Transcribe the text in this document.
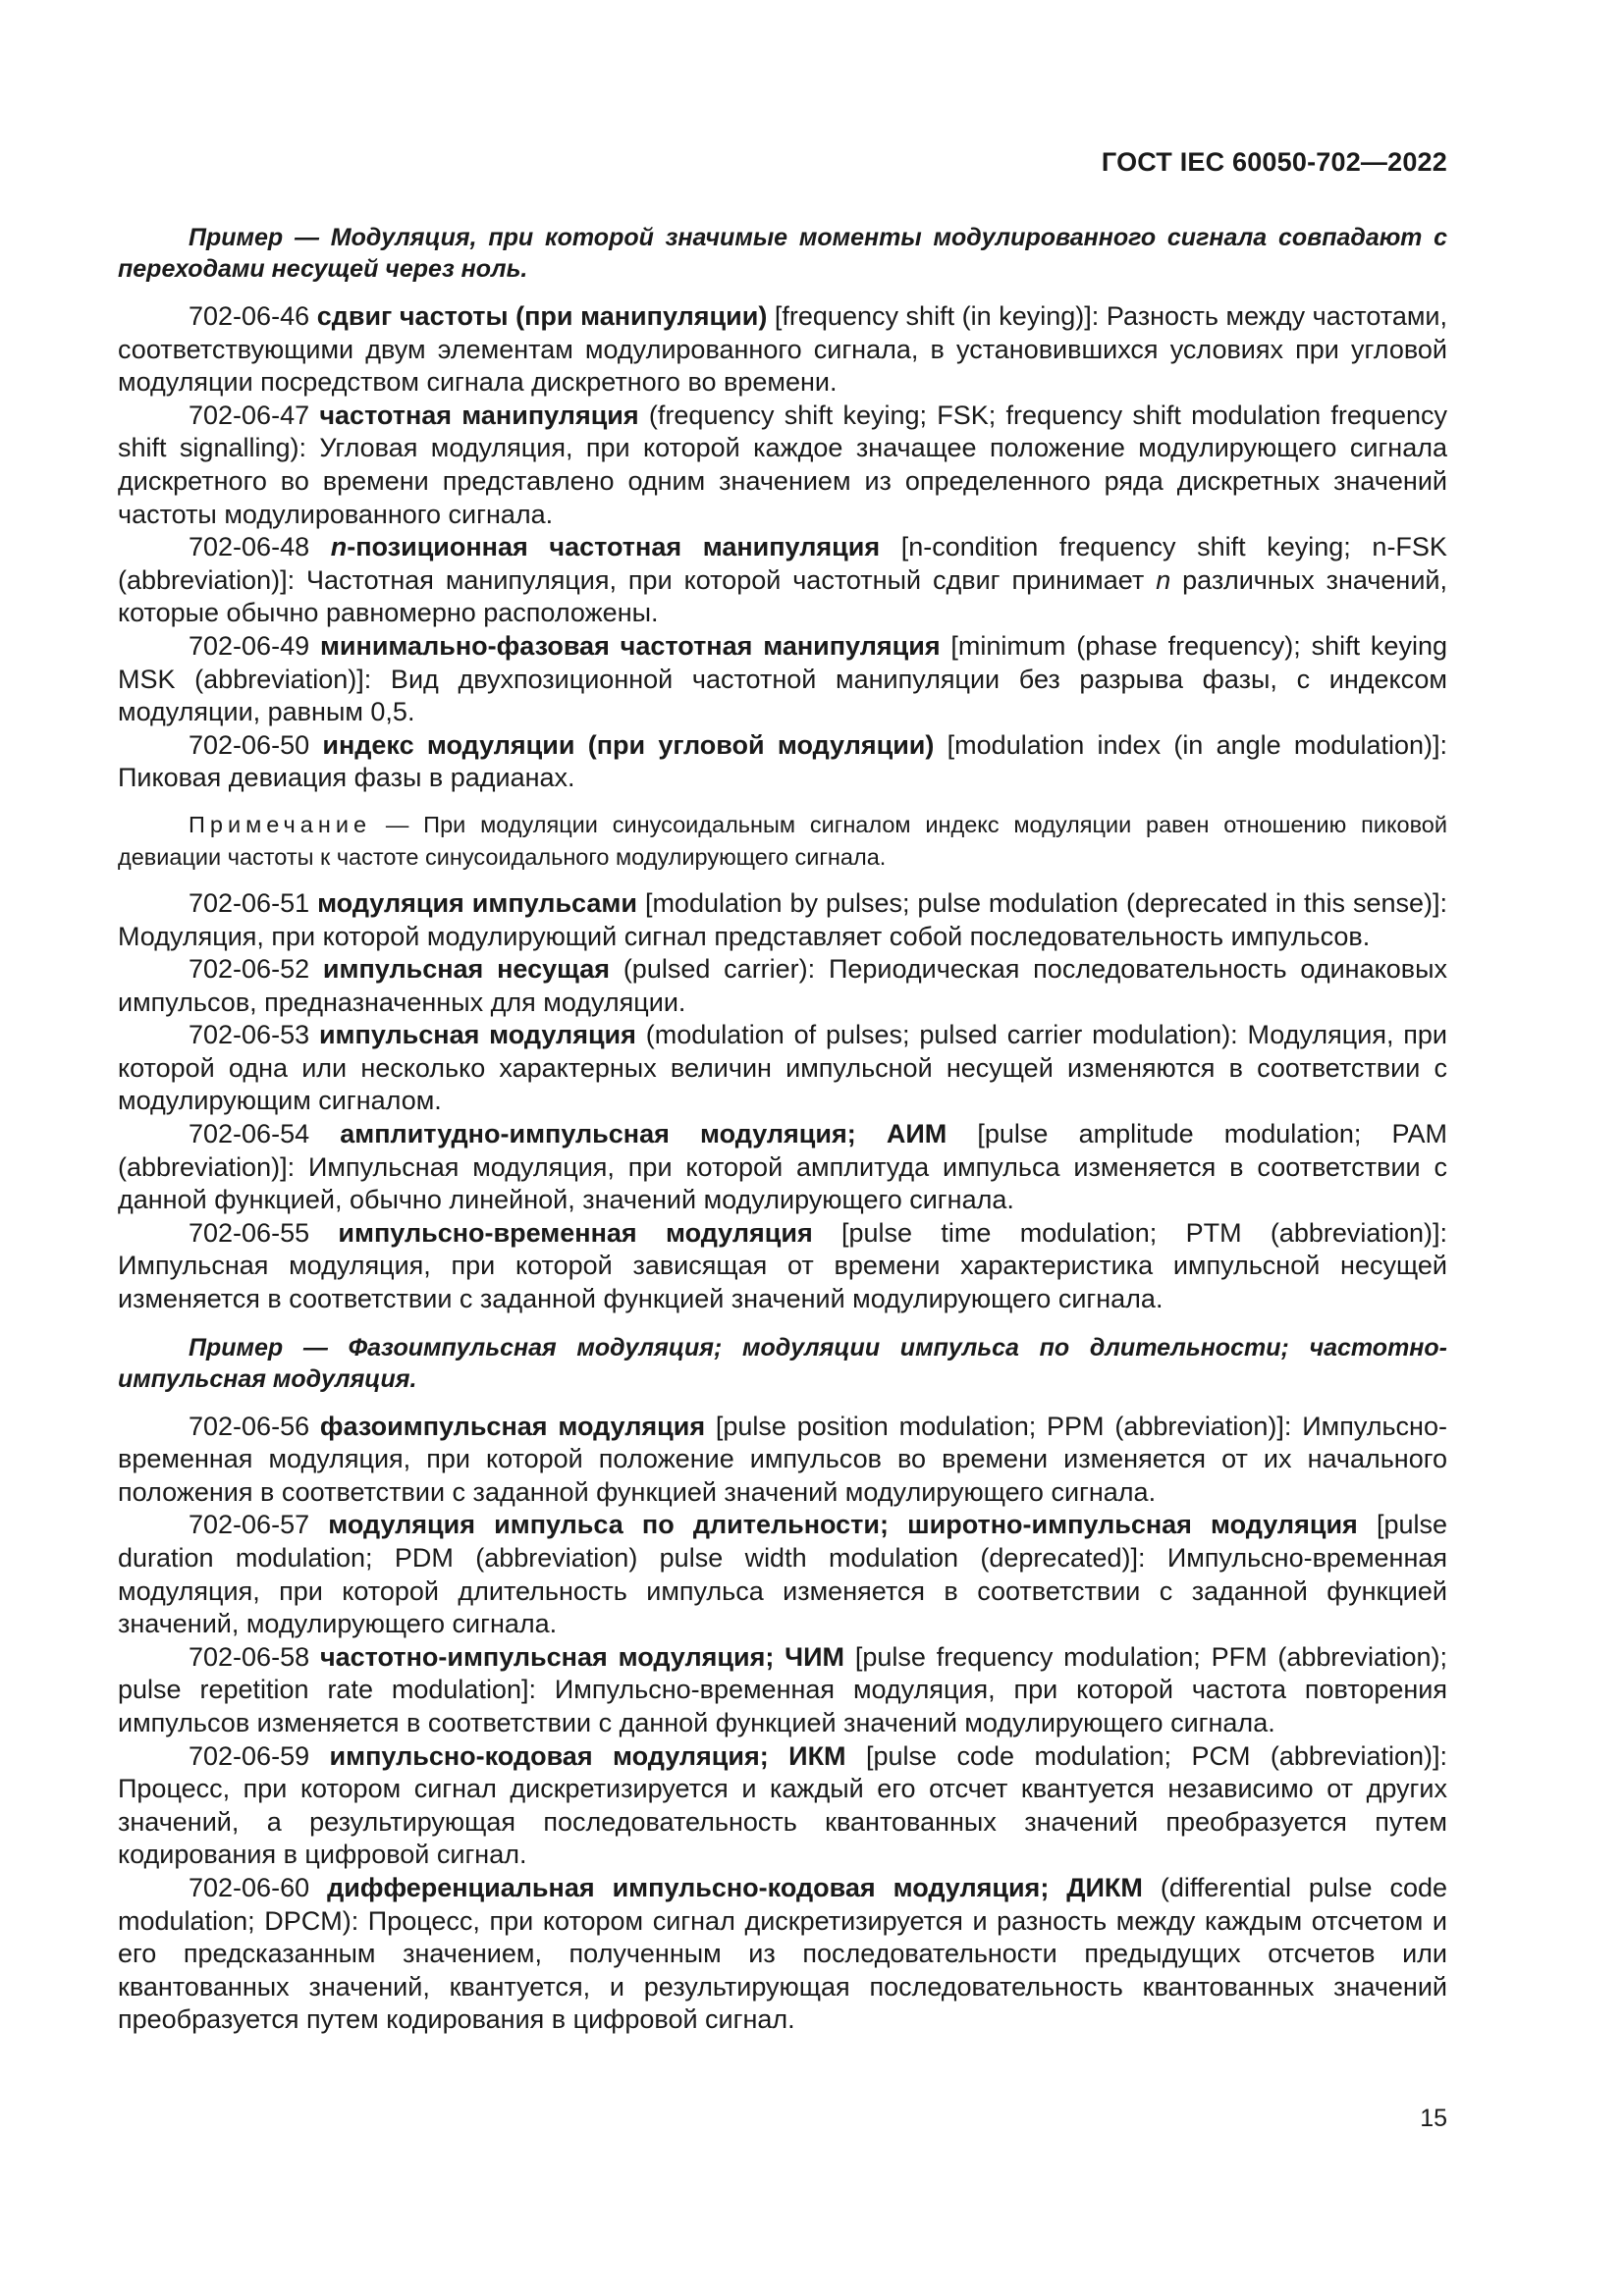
ГОСТ IEC 60050-702—2022

Пример — Модуляция, при которой значимые моменты модулированного сигнала совпадают с переходами несущей через ноль.

702-06-46 сдвиг частоты (при манипуляции) [frequency shift (in keying)]: Разность между частотами, соответствующими двум элементам модулированного сигнала, в установившихся условиях при угловой модуляции посредством сигнала дискретного во времени.

702-06-47 частотная манипуляция (frequency shift keying; FSK; frequency shift modulation frequency shift signalling): Угловая модуляция, при которой каждое значащее положение модулирующего сигнала дискретного во времени представлено одним значением из определенного ряда дискретных значений частоты модулированного сигнала.

702-06-48 n-позиционная частотная манипуляция [n-condition frequency shift keying; n-FSK (abbreviation)]: Частотная манипуляция, при которой частотный сдвиг принимает n различных значений, которые обычно равномерно расположены.

702-06-49 минимально-фазовая частотная манипуляция [minimum (phase frequency); shift keying MSK (abbreviation)]: Вид двухпозиционной частотной манипуляции без разрыва фазы, с индексом модуляции, равным 0,5.

702-06-50 индекс модуляции (при угловой модуляции) [modulation index (in angle modulation)]: Пиковая девиация фазы в радианах.

Примечание — При модуляции синусоидальным сигналом индекс модуляции равен отношению пиковой девиации частоты к частоте синусоидального модулирующего сигнала.

702-06-51 модуляция импульсами [modulation by pulses; pulse modulation (deprecated in this sense)]: Модуляция, при которой модулирующий сигнал представляет собой последовательность импульсов.

702-06-52 импульсная несущая (pulsed carrier): Периодическая последовательность одинаковых импульсов, предназначенных для модуляции.

702-06-53 импульсная модуляция (modulation of pulses; pulsed carrier modulation): Модуляция, при которой одна или несколько характерных величин импульсной несущей изменяются в соответствии с модулирующим сигналом.

702-06-54 амплитудно-импульсная модуляция; АИМ [pulse amplitude modulation; PAM (abbreviation)]: Импульсная модуляция, при которой амплитуда импульса изменяется в соответствии с данной функцией, обычно линейной, значений модулирующего сигнала.

702-06-55 импульсно-временная модуляция [pulse time modulation; PTM (abbreviation)]: Импульсная модуляция, при которой зависящая от времени характеристика импульсной несущей изменяется в соответствии с заданной функцией значений модулирующего сигнала.

Пример — Фазоимпульсная модуляция; модуляции импульса по длительности; частотно-импульсная модуляция.

702-06-56 фазоимпульсная модуляция [pulse position modulation; PPM (abbreviation)]: Импульсно-временная модуляция, при которой положение импульсов во времени изменяется от их начального положения в соответствии с заданной функцией значений модулирующего сигнала.

702-06-57 модуляция импульса по длительности; широтно-импульсная модуляция [pulse duration modulation; PDM (abbreviation) pulse width modulation (deprecated)]: Импульсно-временная модуляция, при которой длительность импульса изменяется в соответствии с заданной функцией значений, модулирующего сигнала.

702-06-58 частотно-импульсная модуляция; ЧИМ [pulse frequency modulation; PFM (abbreviation); pulse repetition rate modulation]: Импульсно-временная модуляция, при которой частота повторения импульсов изменяется в соответствии с данной функцией значений модулирующего сигнала.

702-06-59 импульсно-кодовая модуляция; ИКМ [pulse code modulation; PCM (abbreviation)]: Процесс, при котором сигнал дискретизируется и каждый его отсчет квантуется независимо от других значений, а результирующая последовательность квантованных значений преобразуется путем кодирования в цифровой сигнал.

702-06-60 дифференциальная импульсно-кодовая модуляция; ДИКМ (differential pulse code modulation; DPCM): Процесс, при котором сигнал дискретизируется и разность между каждым отсчетом и его предсказанным значением, полученным из последовательности предыдущих отсчетов или квантованных значений, квантуется, и результирующая последовательность квантованных значений преобразуется путем кодирования в цифровой сигнал.

15
